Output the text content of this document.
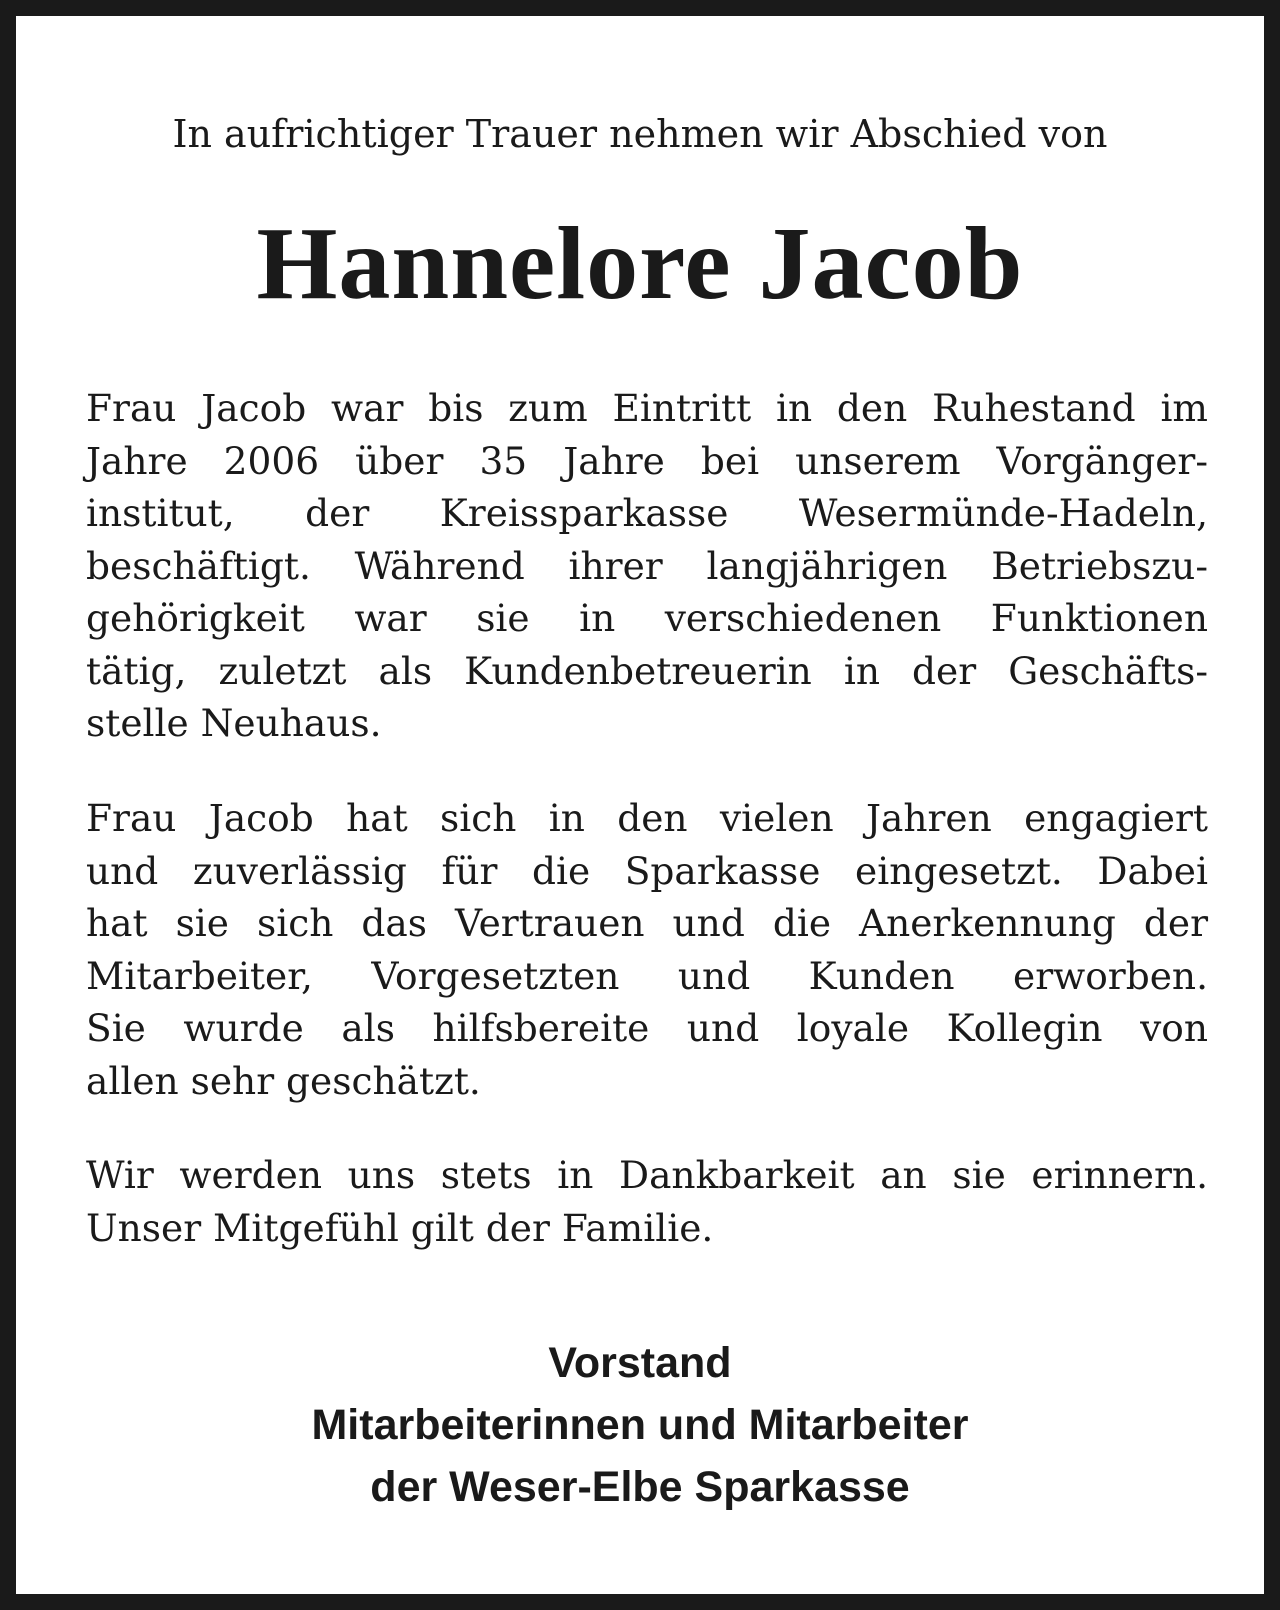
In aufrichtiger Trauer nehmen wir Abschied von
Hannelore Jacob
Frau Jacob war bis zum Eintritt in den Ruhestand im
Jahre 2006 über 35 Jahre bei unserem Vorgänger-
institut, der Kreissparkasse Wesermünde-Hadeln,
beschäftigt. Während ihrer langjährigen Betriebszu-
gehörigkeit war sie in verschiedenen Funktionen
tätig, zuletzt als Kundenbetreuerin in der Geschäfts-
stelle Neuhaus.
Frau Jacob hat sich in den vielen Jahren engagiert
und zuverlässig für die Sparkasse eingesetzt. Dabei
hat sie sich das Vertrauen und die Anerkennung der
Mitarbeiter, Vorgesetzten und Kunden erworben.
Sie wurde als hilfsbereite und loyale Kollegin von
allen sehr geschätzt.
Wir werden uns stets in Dankbarkeit an sie erinnern.
Unser Mitgefühl gilt der Familie.
Vorstand
Mitarbeiterinnen und Mitarbeiter
der Weser-Elbe Sparkasse
